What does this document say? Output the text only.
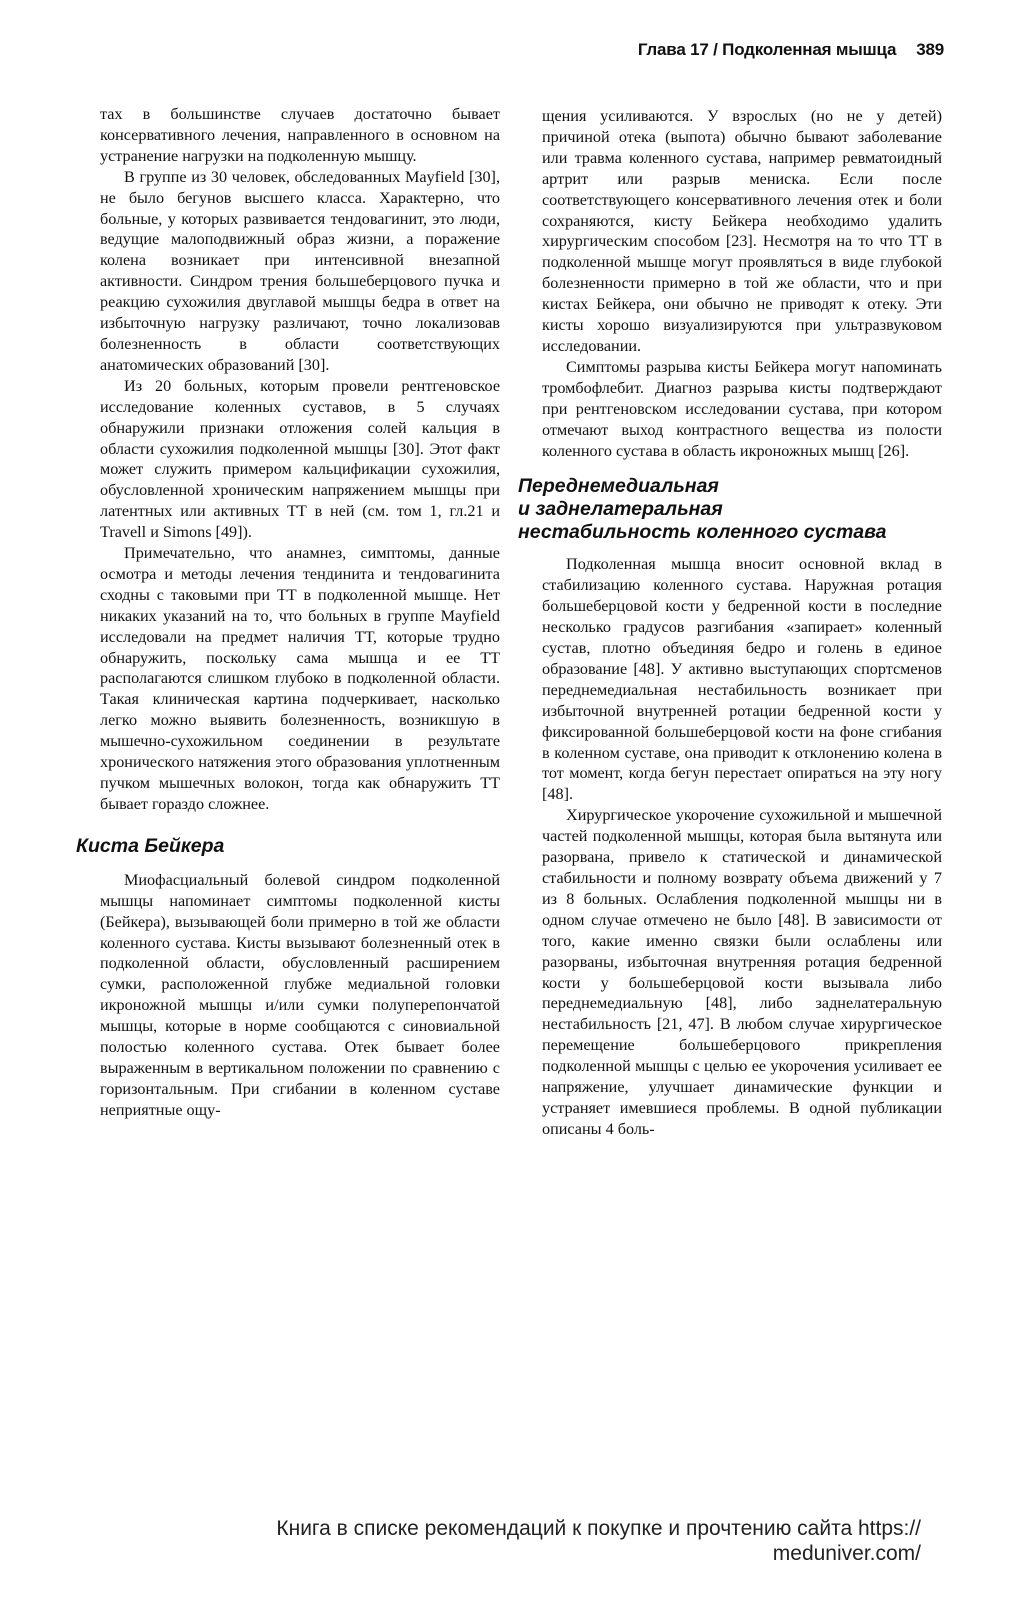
Глава 17 / Подколенная мышца 389

тах в большинстве случаев достаточно бывает консервативного лечения, направленного в основном на устранение нагрузки на подколенную мышцу.

В группе из 30 человек, обследованных Mayfield [30], не было бегунов высшего класса. Характерно, что больные, у которых развивается тендовагинит, это люди, ведущие малоподвижный образ жизни, а поражение колена возникает при интенсивной внезапной активности. Синдром трения большеберцового пучка и реакцию сухожилия двуглавой мышцы бедра в ответ на избыточную нагрузку различают, точно локализовав болезненность в области соответствующих анатомических образований [30].

Из 20 больных, которым провели рентгеновское исследование коленных суставов, в 5 случаях обнаружили признаки отложения солей кальция в области сухожилия подколенной мышцы [30]. Этот факт может служить примером кальцификации сухожилия, обусловленной хроническим напряжением мышцы при латентных или активных ТТ в ней (см. том 1, гл.21 и Travell и Simons [49]).

Примечательно, что анамнез, симптомы, данные осмотра и методы лечения тендинита и тендовагинита сходны с таковыми при ТТ в подколенной мышце. Нет никаких указаний на то, что больных в группе Mayfield исследовали на предмет наличия ТТ, которые трудно обнаружить, поскольку сама мышца и ее ТТ располагаются слишком глубоко в подколенной области. Такая клиническая картина подчеркивает, насколько легко можно выявить болезненность, возникшую в мышечно-сухожильном соединении в результате хронического натяжения этого образования уплотненным пучком мышечных волокон, тогда как обнаружить ТТ бывает гораздо сложнее.

Киста Бейкера

Миофасциальный болевой синдром подколенной мышцы напоминает симптомы подколенной кисты (Бейкера), вызывающей боли примерно в той же области коленного сустава. Кисты вызывают болезненный отек в подколенной области, обусловленный расширением сумки, расположенной глубже медиальной головки икроножной мышцы и/или сумки полуперепончатой мышцы, которые в норме сообщаются с синовиальной полостью коленного сустава. Отек бывает более выраженным в вертикальном положении по сравнению с горизонтальным. При сгибании в коленном суставе неприятные ощу-

щения усиливаются. У взрослых (но не у детей) причиной отека (выпота) обычно бывают заболевание или травма коленного сустава, например ревматоидный артрит или разрыв мениска. Если после соответствующего консервативного лечения отек и боли сохраняются, кисту Бейкера необходимо удалить хирургическим способом [23]. Несмотря на то что ТТ в подколенной мышце могут проявляться в виде глубокой болезненности примерно в той же области, что и при кистах Бейкера, они обычно не приводят к отеку. Эти кисты хорошо визуализируются при ультразвуковом исследовании.

Симптомы разрыва кисты Бейкера могут напоминать тромбофлебит. Диагноз разрыва кисты подтверждают при рентгеновском исследовании сустава, при котором отмечают выход контрастного вещества из полости коленного сустава в область икроножных мышц [26].

Переднемедиальная
и заднелатеральная
нестабильность коленного сустава

Подколенная мышца вносит основной вклад в стабилизацию коленного сустава. Наружная ротация большеберцовой кости у бедренной кости в последние несколько градусов разгибания «запирает» коленный сустав, плотно объединяя бедро и голень в единое образование [48]. У активно выступающих спортсменов переднемедиальная нестабильность возникает при избыточной внутренней ротации бедренной кости у фиксированной большеберцовой кости на фоне сгибания в коленном суставе, она приводит к отклонению колена в тот момент, когда бегун перестает опираться на эту ногу [48].

Хирургическое укорочение сухожильной и мышечной частей подколенной мышцы, которая была вытянута или разорвана, привело к статической и динамической стабильности и полному возврату объема движений у 7 из 8 больных. Ослабления подколенной мышцы ни в одном случае отмечено не было [48]. В зависимости от того, какие именно связки были ослаблены или разорваны, избыточная внутренняя ротация бедренной кости у большеберцовой кости вызывала либо переднемедиальную [48], либо заднелатеральную нестабильность [21, 47]. В любом случае хирургическое перемещение большеберцового прикрепления подколенной мышцы с целью ее укорочения усиливает ее напряжение, улучшает динамические функции и устраняет имевшиеся проблемы. В одной публикации описаны 4 боль-

Книга в списке рекомендаций к покупке и прочтению сайта https:// meduniver.com/
